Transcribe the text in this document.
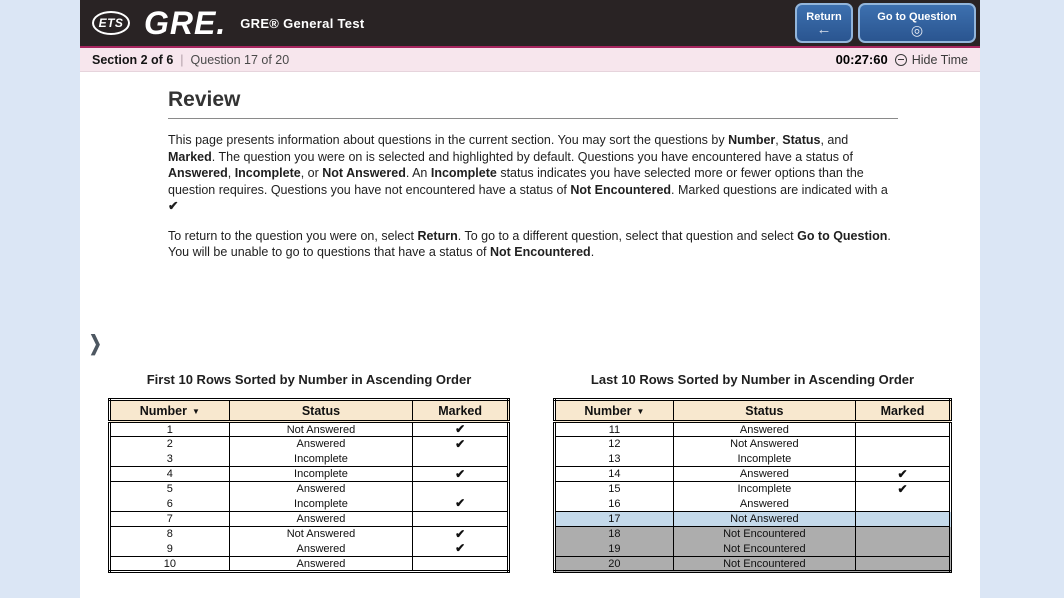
ETS GRE. GRE® General Test	Return
←
Go to Question
◎
Section 2 of 6 | Question 17 of 20	00:27:60 Hide Time
❯
Review

This page presents information about questions in the current section. You may sort the questions by Number, Status, and Marked. The question you were on is selected and highlighted by default. Questions you have encountered have a status of Answered, Incomplete, or Not Answered. An Incomplete status indicates you have selected more or fewer options than the question requires. Questions you have not encountered have a status of Not Encountered. Marked questions are indicated with a ✔

To return to the question you were on, select Return. To go to a different question, select that question and select Go to Question. You will be unable to go to questions that have a status of Not Encountered.

First 10 Rows Sorted by Number in Ascending Order
Number ▼	Status	Marked
1	Not Answered	✔
2	Answered	✔
3	Incomplete	
4	Incomplete	✔
5	Answered	
6	Incomplete	✔
7	Answered	
8	Not Answered	✔
9	Answered	✔
10	Answered	
Last 10 Rows Sorted by Number in Ascending Order
Number ▼	Status	Marked
11	Answered	
12	Not Answered	
13	Incomplete	
14	Answered	✔
15	Incomplete	✔
16	Answered	
17	Not Answered	
18	Not Encountered	
19	Not Encountered	
20	Not Encountered	
